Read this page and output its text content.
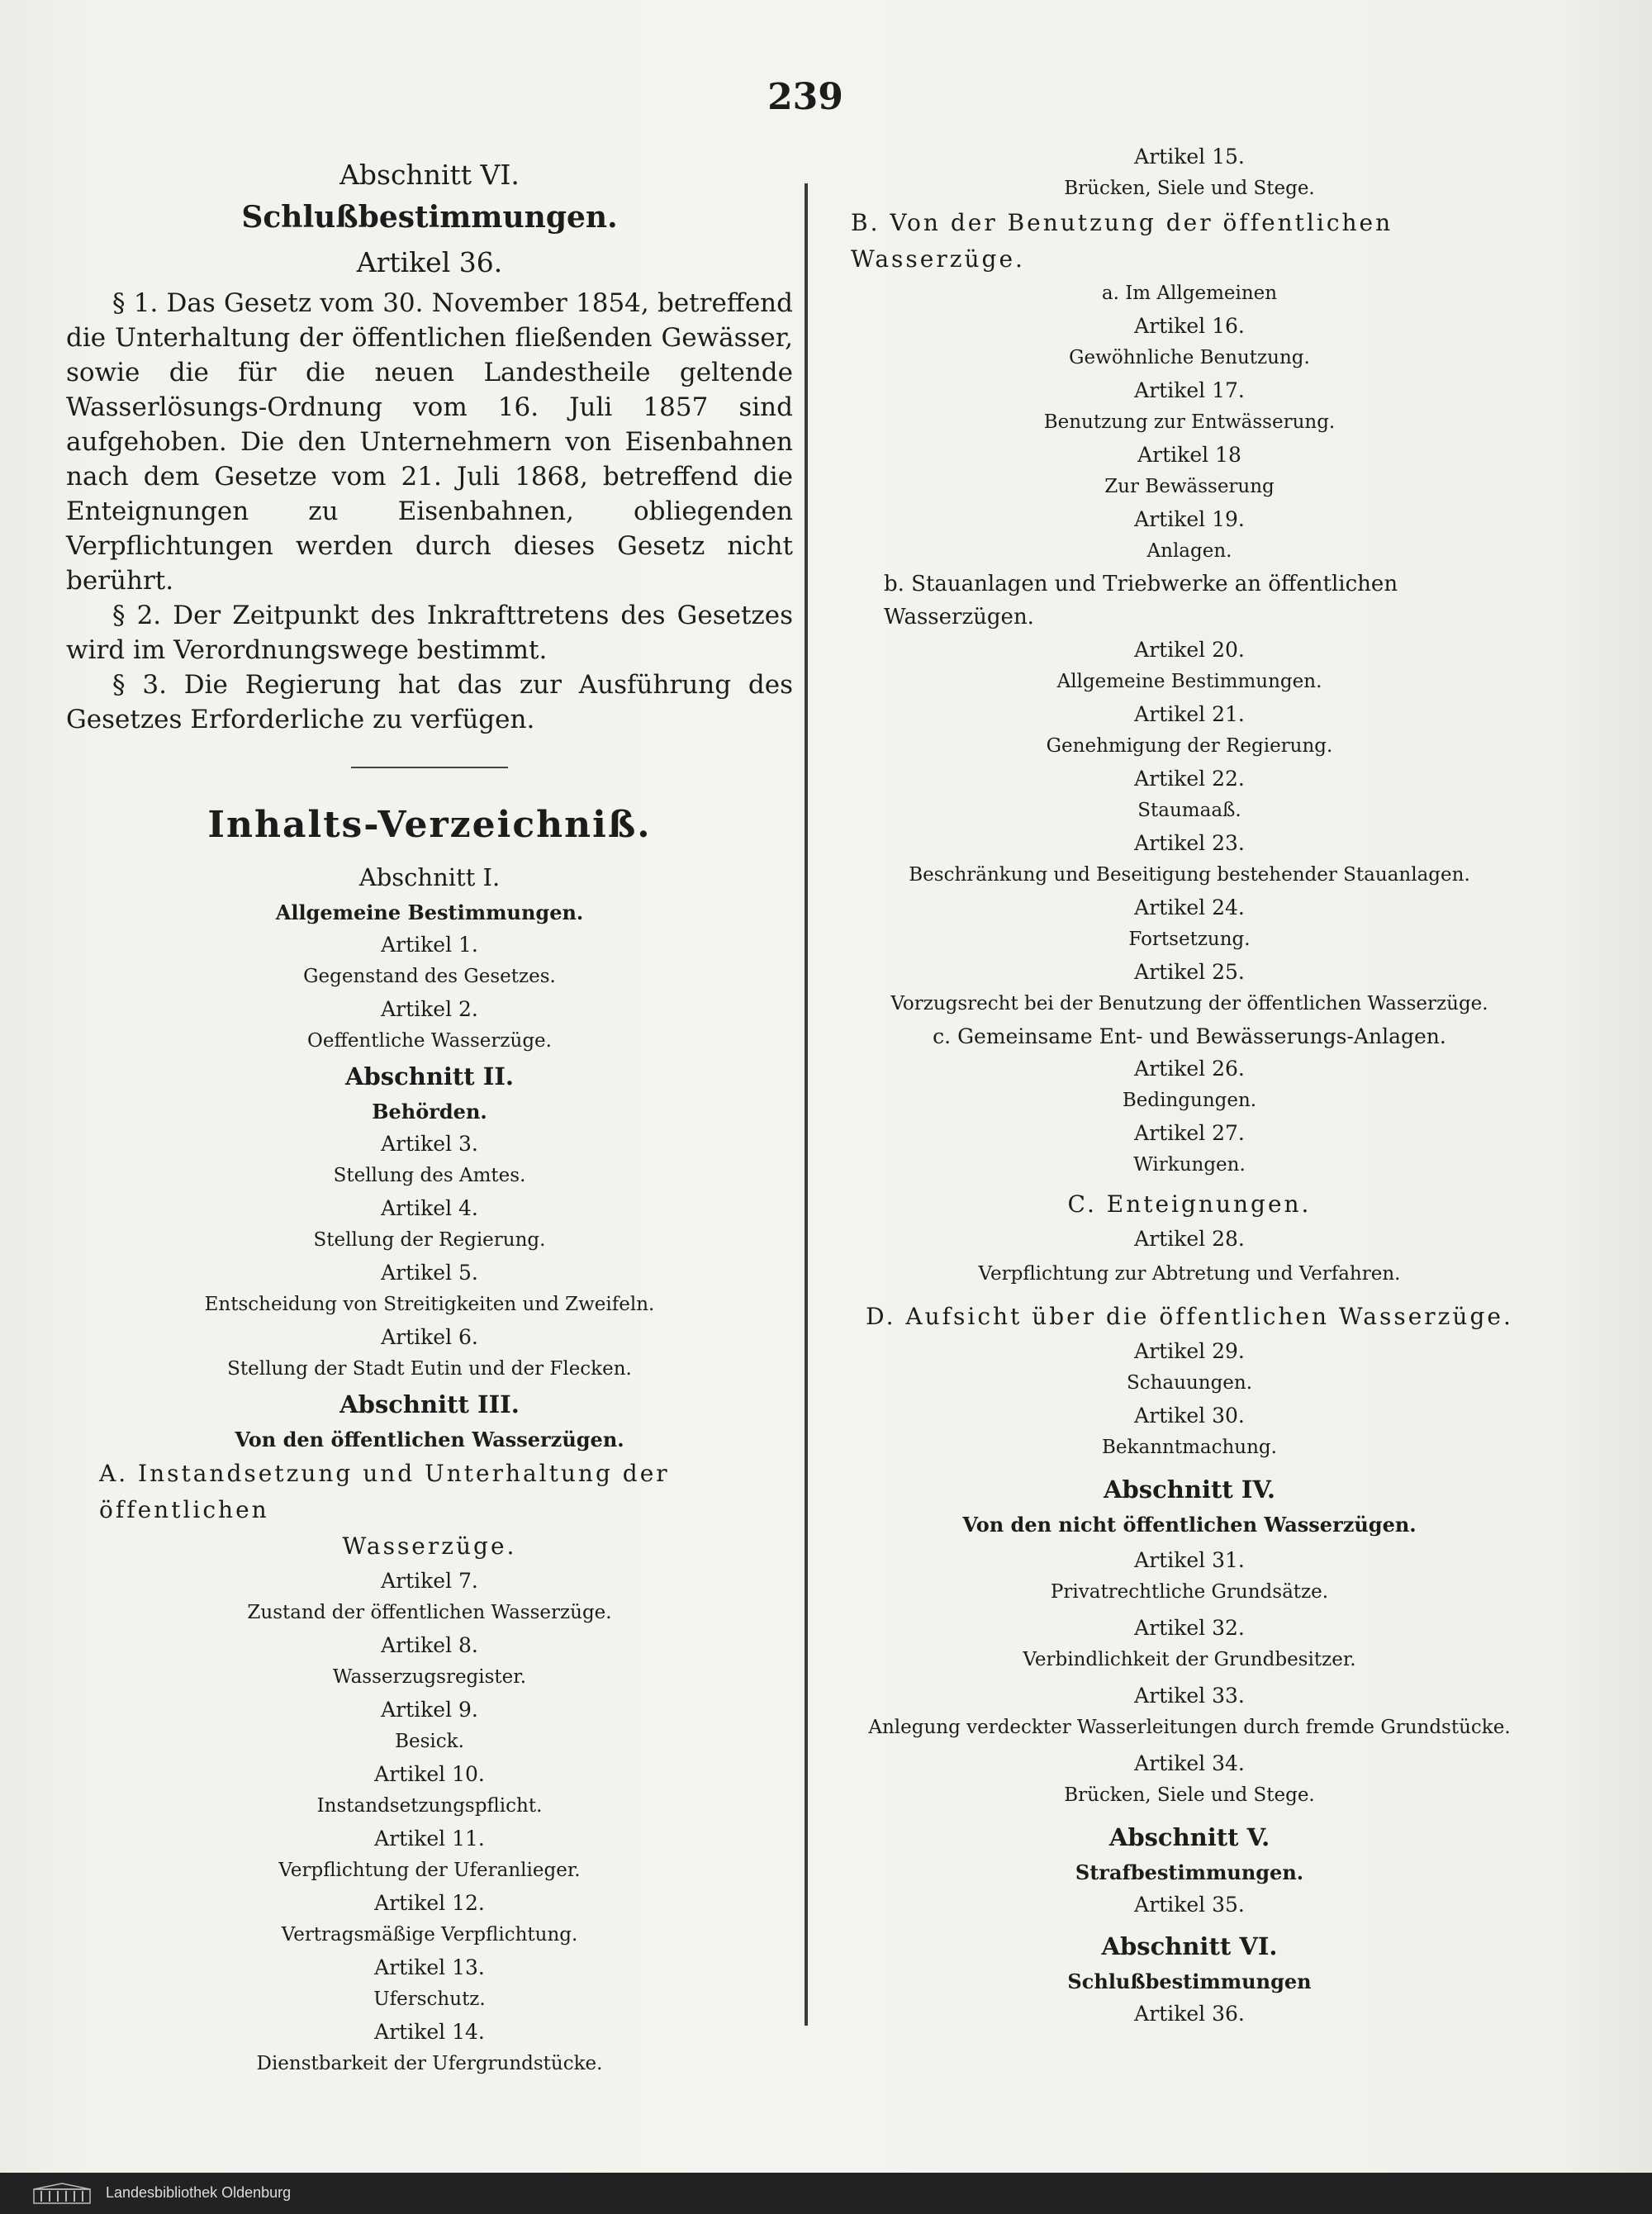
239
Abschnitt VI.
Schlußbestimmungen.
Artikel 36.

§ 1. Das Gesetz vom 30. November 1854, betreffend die Unterhaltung der öffentlichen fließenden Gewässer, sowie die für die neuen Landestheile geltende Wasserlösungs-Ordnung vom 16. Juli 1857 sind aufgehoben. Die den Unternehmern von Eisenbahnen nach dem Gesetze vom 21. Juli 1868, betreffend die Enteignungen zu Eisenbahnen, obliegenden Verpflichtungen werden durch dieses Gesetz nicht berührt.

§ 2. Der Zeitpunkt des Inkrafttretens des Gesetzes wird im Verordnungswege bestimmt.

§ 3. Die Regierung hat das zur Ausführung des Gesetzes Erforderliche zu verfügen.

Inhalts-Verzeichniß.
Abschnitt I.
Allgemeine Bestimmungen.
Artikel 1.
Gegenstand des Gesetzes.
Artikel 2.
Oeffentliche Wasserzüge.
Abschnitt II.
Behörden.
Artikel 3.
Stellung des Amtes.
Artikel 4.
Stellung der Regierung.
Artikel 5.
Entscheidung von Streitigkeiten und Zweifeln.
Artikel 6.
Stellung der Stadt Eutin und der Flecken.
Abschnitt III.
Von den öffentlichen Wasserzügen.
A. Instandsetzung und Unterhaltung der öffentlichen
Wasserzüge.
Artikel 7.
Zustand der öffentlichen Wasserzüge.
Artikel 8.
Wasserzugsregister.
Artikel 9.
Besick.
Artikel 10.
Instandsetzungspflicht.
Artikel 11.
Verpflichtung der Uferanlieger.
Artikel 12.
Vertragsmäßige Verpflichtung.
Artikel 13.
Uferschutz.
Artikel 14.
Dienstbarkeit der Ufergrundstücke.
Artikel 15.
Brücken, Siele und Stege.
B. Von der Benutzung der öffentlichen Wasserzüge.
a. Im Allgemeinen
Artikel 16.
Gewöhnliche Benutzung.
Artikel 17.
Benutzung zur Entwässerung.
Artikel 18
Zur Bewässerung
Artikel 19.
Anlagen.
b. Stauanlagen und Triebwerke an öffentlichen Wasserzügen.
Artikel 20.
Allgemeine Bestimmungen.
Artikel 21.
Genehmigung der Regierung.
Artikel 22.
Staumaaß.
Artikel 23.
Beschränkung und Beseitigung bestehender Stauanlagen.
Artikel 24.
Fortsetzung.
Artikel 25.
Vorzugsrecht bei der Benutzung der öffentlichen Wasserzüge.
c. Gemeinsame Ent- und Bewässerungs-Anlagen.
Artikel 26.
Bedingungen.
Artikel 27.
Wirkungen.
C. Enteignungen.
Artikel 28.
Verpflichtung zur Abtretung und Verfahren.
D. Aufsicht über die öffentlichen Wasserzüge.
Artikel 29.
Schauungen.
Artikel 30.
Bekanntmachung.
Abschnitt IV.
Von den nicht öffentlichen Wasserzügen.
Artikel 31.
Privatrechtliche Grundsätze.
Artikel 32.
Verbindlichkeit der Grundbesitzer.
Artikel 33.
Anlegung verdeckter Wasserleitungen durch fremde Grundstücke.
Artikel 34.
Brücken, Siele und Stege.
Abschnitt V.
Strafbestimmungen.
Artikel 35.
Abschnitt VI.
Schlußbestimmungen
Artikel 36.
Landesbibliothek Oldenburg
